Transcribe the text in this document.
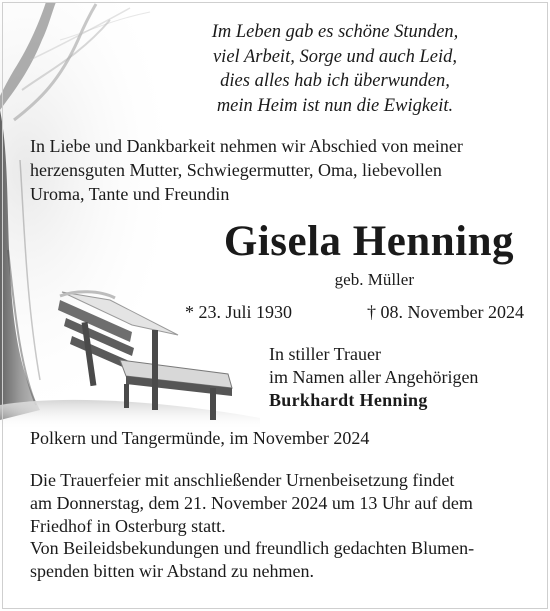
Im Leben gab es schöne Stunden,
viel Arbeit, Sorge und auch Leid,
dies alles hab ich überwunden,
mein Heim ist nun die Ewigkeit.
In Liebe und Dankbarkeit nehmen wir Abschied von meiner
herzensguten Mutter, Schwiegermutter, Oma, liebevollen
Uroma, Tante und Freundin
Gisela Henning
geb. Müller
* 23. Juli 1930	† 08. November 2024
In stiller Trauer
im Namen aller Angehörigen
Burkhardt Henning
Polkern und Tangermünde, im November 2024
Die Trauerfeier mit anschließender Urnenbeisetzung findet
am Donnerstag, dem 21. November 2024 um 13 Uhr auf dem
Friedhof in Osterburg statt.
Von Beileidsbekundungen und freundlich gedachten Blumen-
spenden bitten wir Abstand zu nehmen.
